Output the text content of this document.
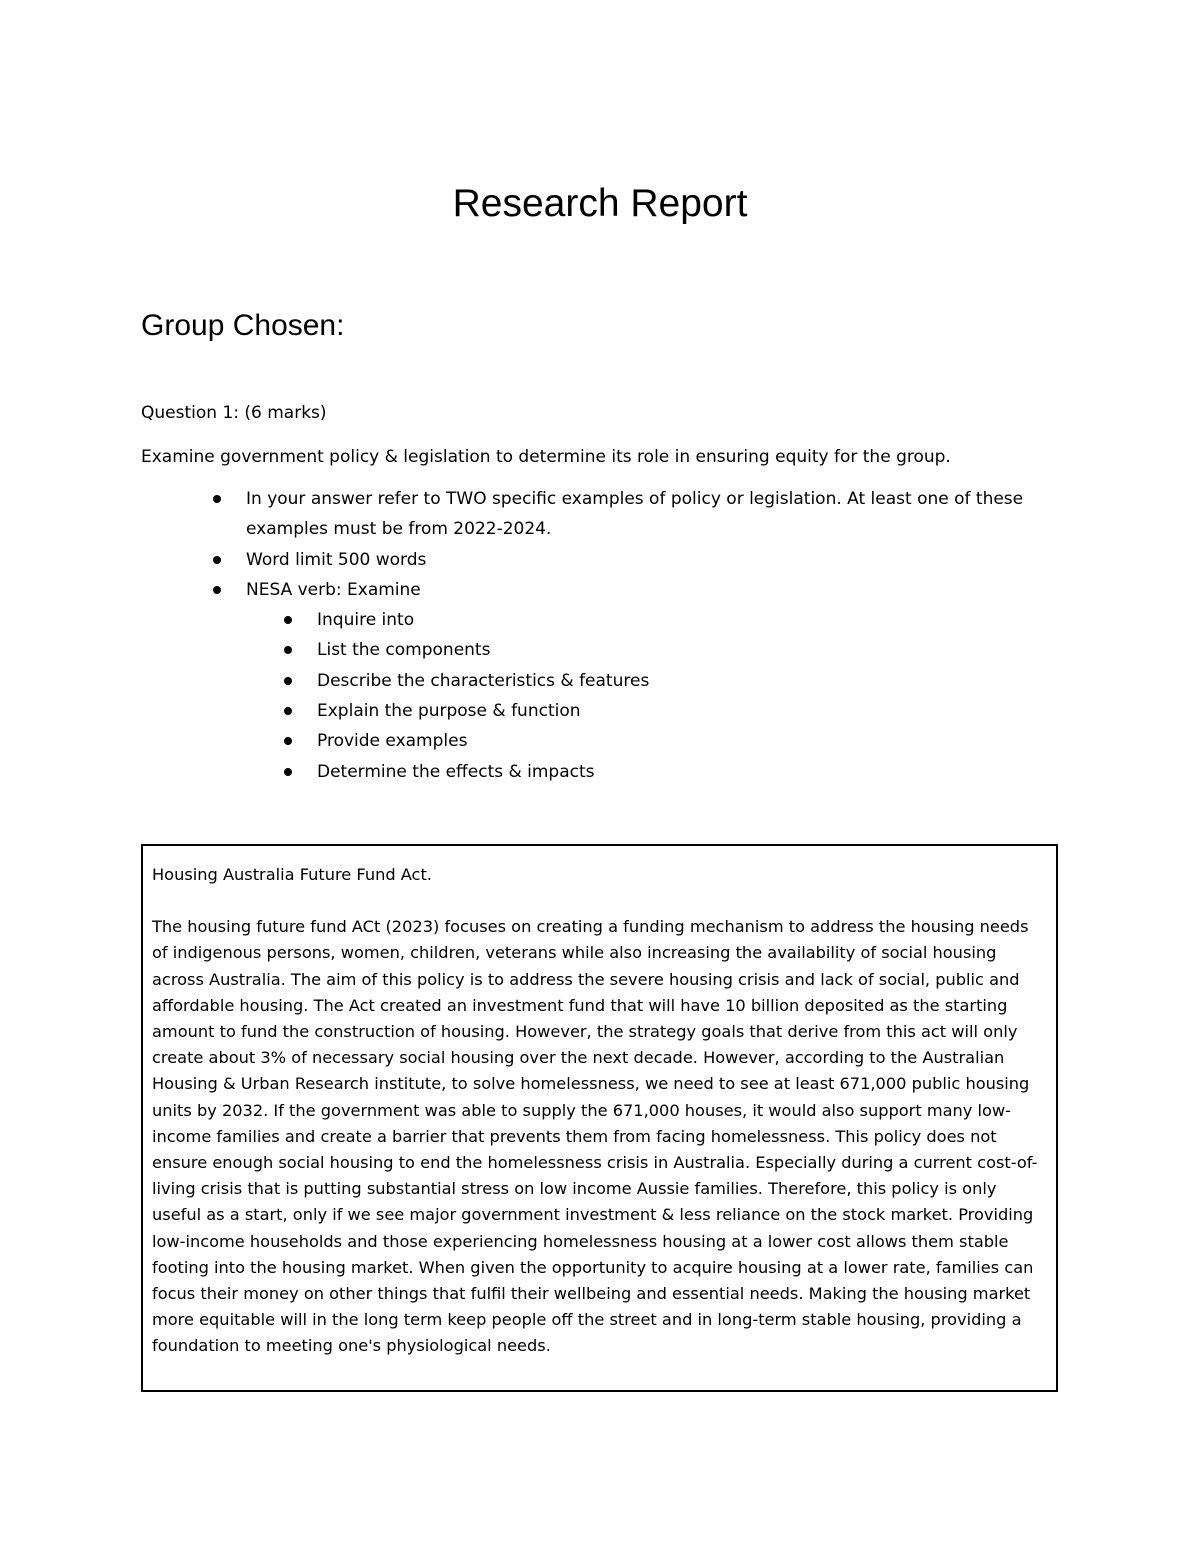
Research Report
Group Chosen:

Question 1: (6 marks)

Examine government policy & legislation to determine its role in ensuring equity for the group.

In your answer refer to TWO specific examples of policy or legislation. At least one of these examples must be from 2022-2024.
Word limit 500 words
NESA verb: Examine
Inquire into
List the components
Describe the characteristics & features
Explain the purpose & function
Provide examples
Determine the effects & impacts

Housing Australia Future Fund Act.

The housing future fund ACt (2023) focuses on creating a funding mechanism to address the housing needs of indigenous persons, women, children, veterans while also increasing the availability of social housing across Australia. The aim of this policy is to address the severe housing crisis and lack of social, public and affordable housing. The Act created an investment fund that will have 10 billion deposited as the starting amount to fund the construction of housing. However, the strategy goals that derive from this act will only create about 3% of necessary social housing over the next decade. However, according to the Australian Housing & Urban Research institute, to solve homelessness, we need to see at least 671,000 public housing units by 2032. If the government was able to supply the 671,000 houses, it would also support many low-income families and create a barrier that prevents them from facing homelessness. This policy does not ensure enough social housing to end the homelessness crisis in Australia. Especially during a current cost-of-living crisis that is putting substantial stress on low income Aussie families. Therefore, this policy is only useful as a start, only if we see major government investment & less reliance on the stock market. Providing low-income households and those experiencing homelessness housing at a lower cost allows them stable footing into the housing market. When given the opportunity to acquire housing at a lower rate, families can focus their money on other things that fulfil their wellbeing and essential needs. Making the housing market more equitable will in the long term keep people off the street and in long-term stable housing, providing a foundation to meeting one's physiological needs.
